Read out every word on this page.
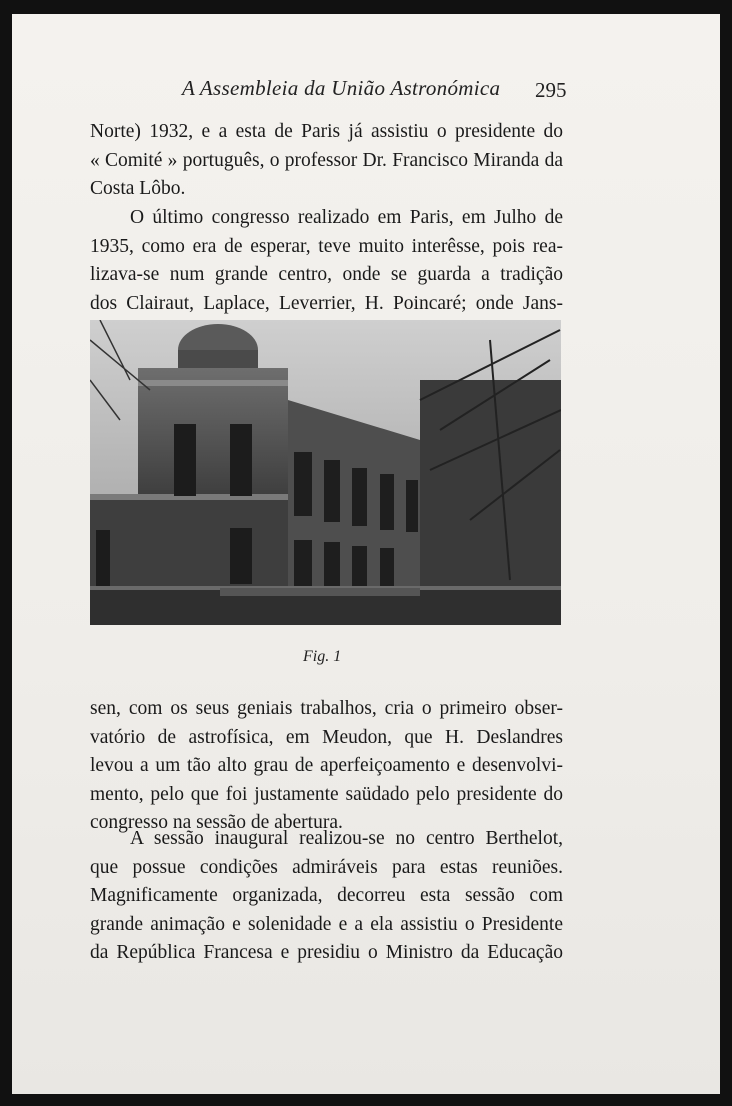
A Assembleia da União Astronómica 295
Norte) 1932, e a esta de Paris já assistiu o presidente do
« Comité » português, o professor Dr. Francisco Miranda da
Costa Lôbo.
O último congresso realizado em Paris, em Julho de
1935, como era de esperar, teve muito interêsse, pois rea-
lizava-se num grande centro, onde se guarda a tradição
dos Clairaut, Laplace, Leverrier, H. Poincaré; onde Jans-
Fig. 1
sen, com os seus geniais trabalhos, cria o primeiro obser-
vatório de astrofísica, em Meudon, que H. Deslandres
levou a um tão alto grau de aperfeiçoamento e desenvolvi-
mento, pelo que foi justamente saüdado pelo presidente do
congresso na sessão de abertura.
A sessão inaugural realizou-se no centro Berthelot,
que possue condições admiráveis para estas reuniões.
Magnificamente organizada, decorreu esta sessão com
grande animação e solenidade e a ela assistiu o Presidente
da República Francesa e presidiu o Ministro da Educação
